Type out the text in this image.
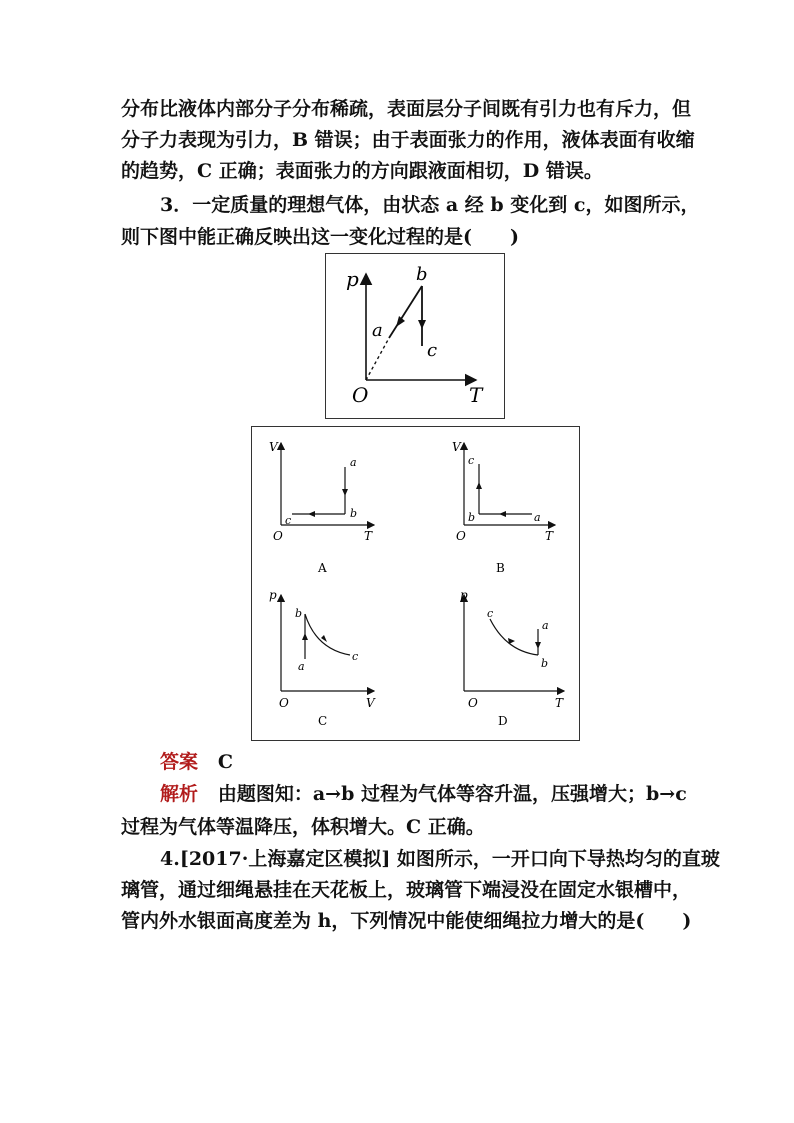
分布比液体内部分子分布稀疏，表面层分子间既有引力也有斥力，但
分子力表现为引力，B 错误；由于表面张力的作用，液体表面有收缩
的趋势，C 正确；表面张力的方向跟液面相切，D 错误。
3．一定质量的理想气体，由状态 a 经 b 变化到 c，如图所示，
则下图中能正确反映出这一变化过程的是(　　)
p
T
O
a
b
c
V
T
O
a
b
c
A
V
T
O
c
b	a
B
p
V
O
b
a
c
C
p
T
O
c
a
b
D
答案 C
解析 由题图知：a→b 过程为气体等容升温，压强增大；b→c
过程为气体等温降压，体积增大。C 正确。
4.[2017·上海嘉定区模拟] 如图所示，一开口向下导热均匀的直玻
璃管，通过细绳悬挂在天花板上，玻璃管下端浸没在固定水银槽中，
管内外水银面高度差为 h，下列情况中能使细绳拉力增大的是(　　)
